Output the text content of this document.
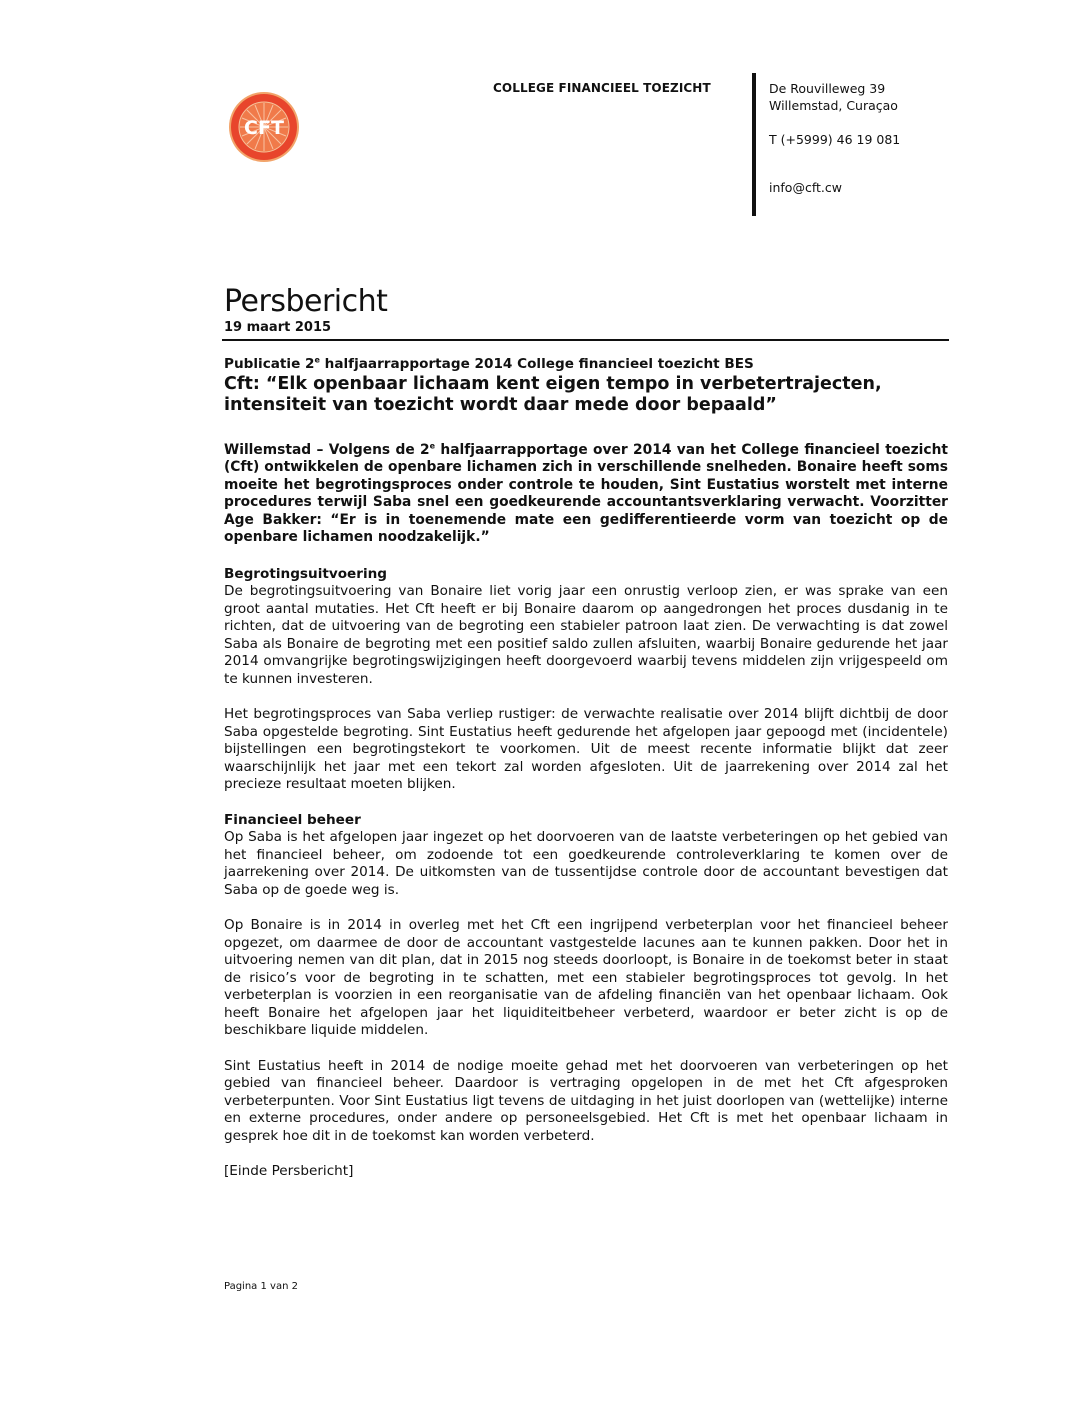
CFT
COLLEGE FINANCIEEL TOEZICHT	De Rouvilleweg 39
Willemstad, Curaçao
T (+5999) 46 19 081
info@cft.cw
Persbericht
19 maart 2015

Publicatie 2e halfjaarrapportage 2014 College financieel toezicht BES

Cft: “Elk openbaar lichaam kent eigen tempo in verbetertrajecten, intensiteit van toezicht wordt daar mede door bepaald”

Willemstad – Volgens de 2e halfjaarrapportage over 2014 van het College financieel toezicht (Cft) ontwikkelen de openbare lichamen zich in verschillende snelheden. Bonaire heeft soms moeite het begrotingsproces onder controle te houden, Sint Eustatius worstelt met interne procedures terwijl Saba snel een goedkeurende accountantsverklaring verwacht. Voorzitter Age Bakker: “Er is in toenemende mate een gedifferentieerde vorm van toezicht op de openbare lichamen noodzakelijk.”

Begrotingsuitvoering

De begrotingsuitvoering van Bonaire liet vorig jaar een onrustig verloop zien, er was sprake van een groot aantal mutaties. Het Cft heeft er bij Bonaire daarom op aangedrongen het proces dusdanig in te richten, dat de uitvoering van de begroting een stabieler patroon laat zien. De verwachting is dat zowel Saba als Bonaire de begroting met een positief saldo zullen afsluiten, waarbij Bonaire gedurende het jaar 2014 omvangrijke begrotingswijzigingen heeft doorgevoerd waarbij tevens middelen zijn vrijgespeeld om te kunnen investeren.

Het begrotingsproces van Saba verliep rustiger: de verwachte realisatie over 2014 blijft dichtbij de door Saba opgestelde begroting. Sint Eustatius heeft gedurende het afgelopen jaar gepoogd met (incidentele) bijstellingen een begrotingstekort te voorkomen. Uit de meest recente informatie blijkt dat zeer waarschijnlijk het jaar met een tekort zal worden afgesloten. Uit de jaarrekening over 2014 zal het precieze resultaat moeten blijken.

Financieel beheer

Op Saba is het afgelopen jaar ingezet op het doorvoeren van de laatste verbeteringen op het gebied van het financieel beheer, om zodoende tot een goedkeurende controleverklaring te komen over de jaarrekening over 2014. De uitkomsten van de tussentijdse controle door de accountant bevestigen dat Saba op de goede weg is.

Op Bonaire is in 2014 in overleg met het Cft een ingrijpend verbeterplan voor het financieel beheer opgezet, om daarmee de door de accountant vastgestelde lacunes aan te kunnen pakken. Door het in uitvoering nemen van dit plan, dat in 2015 nog steeds doorloopt, is Bonaire in de toekomst beter in staat de risico’s voor de begroting in te schatten, met een stabieler begrotingsproces tot gevolg. In het verbeterplan is voorzien in een reorganisatie van de afdeling financiën van het openbaar lichaam. Ook heeft Bonaire het afgelopen jaar het liquiditeitbeheer verbeterd, waardoor er beter zicht is op de beschikbare liquide middelen.

Sint Eustatius heeft in 2014 de nodige moeite gehad met het doorvoeren van verbeteringen op het gebied van financieel beheer. Daardoor is vertraging opgelopen in de met het Cft afgesproken verbeterpunten. Voor Sint Eustatius ligt tevens de uitdaging in het juist doorlopen van (wettelijke) interne en externe procedures, onder andere op personeelsgebied. Het Cft is met het openbaar lichaam in gesprek hoe dit in de toekomst kan worden verbeterd.

[Einde Persbericht]

Pagina 1 van 2
